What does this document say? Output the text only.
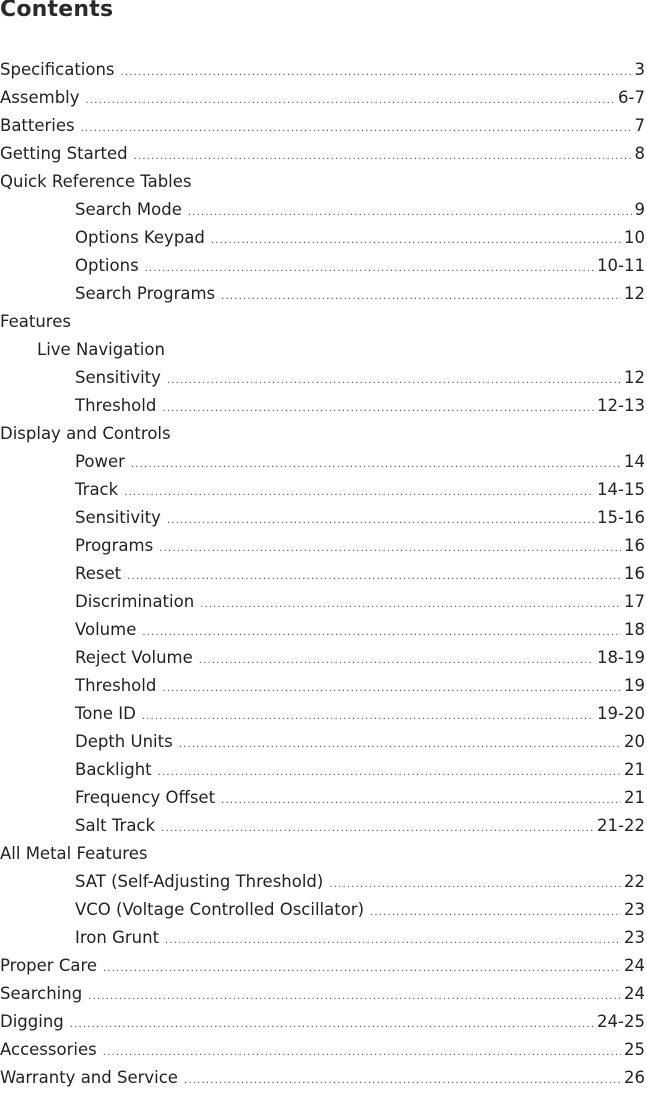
Contents
Specifications .....	3
Assembly .....	6-7
Batteries .....	7
Getting Started .....	8
Quick Reference Tables
Search Mode .....	9
Options Keypad .....	10
Options .....	10-11
Search Programs .....	12
Features
Live Navigation
Sensitivity .....	12
Threshold .....	12-13
Display and Controls
Power .....	14
Track .....	14-15
Sensitivity .....	15-16
Programs .....	16
Reset .....	16
Discrimination .....	17
Volume .....	18
Reject Volume .....	18-19
Threshold .....	19
Tone ID .....	19-20
Depth Units .....	20
Backlight .....	21
Frequency Offset .....	21
Salt Track .....	21-22
All Metal Features
SAT (Self-Adjusting Threshold) .....	22
VCO (Voltage Controlled Oscillator) .....	23
Iron Grunt .....	23
Proper Care .....	24
Searching .....	24
Digging .....	24-25
Accessories .....	25
Warranty and Service .....	26
